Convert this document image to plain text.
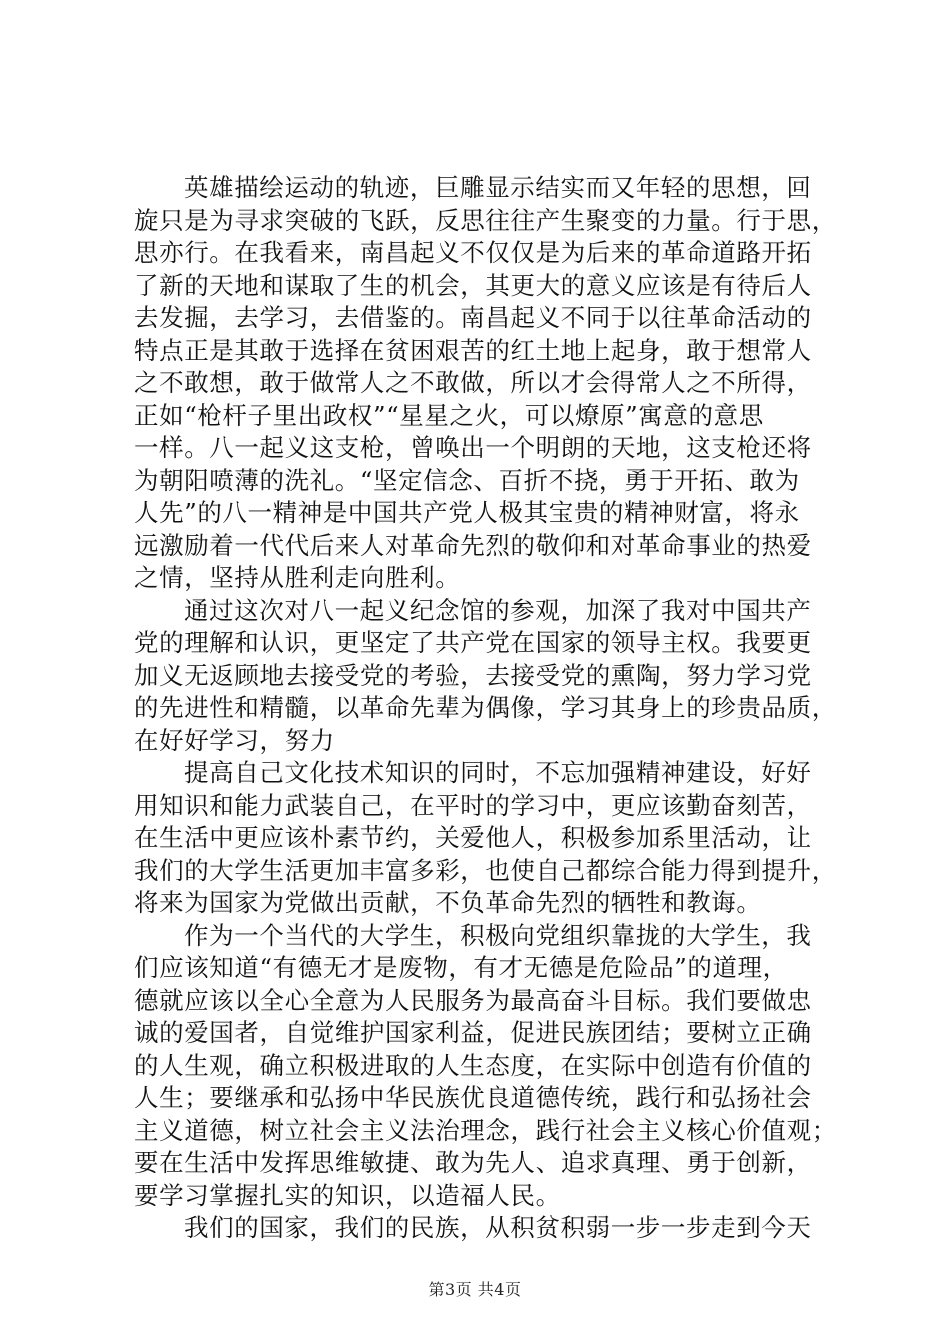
英雄描绘运动的轨迹，巨雕显示结实而又年轻的思想，回
旋只是为寻求突破的飞跃，反思往往产生聚变的力量。行于思，
思亦行。在我看来，南昌起义不仅仅是为后来的革命道路开拓
了新的天地和谋取了生的机会，其更大的意义应该是有待后人
去发掘，去学习，去借鉴的。南昌起义不同于以往革命活动的
特点正是其敢于选择在贫困艰苦的红土地上起身，敢于想常人
之不敢想，敢于做常人之不敢做，所以才会得常人之不所得，
正如“枪杆子里出政权”“星星之火，可以燎原”寓意的意思
一样。八一起义这支枪，曾唤出一个明朗的天地，这支枪还将
为朝阳喷薄的洗礼。“坚定信念、百折不挠，勇于开拓、敢为
人先”的八一精神是中国共产党人极其宝贵的精神财富，将永
远激励着一代代后来人对革命先烈的敬仰和对革命事业的热爱
之情，坚持从胜利走向胜利。
通过这次对八一起义纪念馆的参观，加深了我对中国共产
党的理解和认识，更坚定了共产党在国家的领导主权。我要更
加义无返顾地去接受党的考验，去接受党的熏陶，努力学习党
的先进性和精髓，以革命先辈为偶像，学习其身上的珍贵品质，
在好好学习，努力
提高自己文化技术知识的同时，不忘加强精神建设，好好
用知识和能力武装自己，在平时的学习中，更应该勤奋刻苦，
在生活中更应该朴素节约，关爱他人，积极参加系里活动，让
我们的大学生活更加丰富多彩，也使自己都综合能力得到提升，
将来为国家为党做出贡献，不负革命先烈的牺牲和教诲。
作为一个当代的大学生，积极向党组织靠拢的大学生，我
们应该知道“有德无才是废物，有才无德是危险品”的道理，
德就应该以全心全意为人民服务为最高奋斗目标。我们要做忠
诚的爱国者，自觉维护国家利益，促进民族团结；要树立正确
的人生观，确立积极进取的人生态度，在实际中创造有价值的
人生；要继承和弘扬中华民族优良道德传统，践行和弘扬社会
主义道德，树立社会主义法治理念，践行社会主义核心价值观；
要在生活中发挥思维敏捷、敢为先人、追求真理、勇于创新，
要学习掌握扎实的知识，以造福人民。
我们的国家，我们的民族，从积贫积弱一步一步走到今天
第3页 共4页
